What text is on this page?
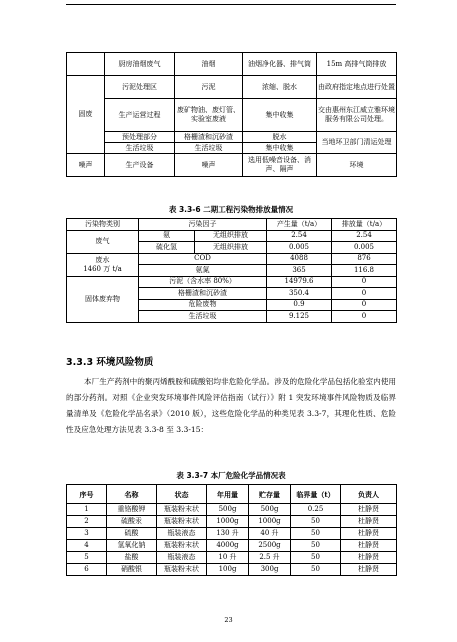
	厨房油烟废气	油烟	油烟净化器、排气筒	15m 高排气筒排放
固废	污泥处理区	污泥	浓缩、脱水	由政府指定地点进行处置
	生产运营过程	废矿物油、废灯管、实验室废液	集中收集	交由惠州东江威立雅环境服务有限公司处理。
	预处理部分	格栅渣和沉砂渣	脱水	当地环卫部门清运处理
	生活垃圾	生活垃圾	集中收集	
噪声	生产设备	噪声	选用低噪音设备、消声、隔声	环境
表 3.3-6 二期工程污染物排放量情况
污染物类别	污染因子		产生量（t/a）	排放量（t/a）
废气	氨	无组织排放	2.54	2.54
	硫化氢	无组织排放	0.005	0.005

废水
1460 万 t/a	COD		4088	876
	氨氮		365	116.8
固体废弃物	污泥（含水率 80%）		14979.6	0
	格栅渣和沉砂渣		350.4	0
	危险废物		0.9	0
	生活垃圾		9.125	0
3.3.3 环境风险物质
本厂生产药剂中的聚丙烯酰胺和硫酸铝均非危险化学品。涉及的危险化学品包括化验室内使用的部分药剂。对照《企业突发环境事件风险评估指南（试行）》附 1 突发环境事件风险物质及临界量清单及《危险化学品名录》（2010 版），这些危险化学品的种类见表 3.3-7，其理化性质、危险性及应急处理方法见表 3.3-8 至 3.3-15：
表 3.3-7 本厂危险化学品情况表
序号	名称	状态	年用量	贮存量	临界量（t）	负责人
1	重铬酸钾	瓶装粉末状	500g	500g	0.25	杜静贤
2	硫酸汞	瓶装粉末状	1000g	1000g	50	杜静贤
3	硫酸	瓶装液态	130 升	40 升	50	杜静贤
4	氢氧化钠	瓶装粉末状	4000g	2500g	50	杜静贤
5	盐酸	瓶装液态	10 升	2.5 升	50	杜静贤
6	硝酸银	瓶装粉末状	100g	300g	50	杜静贤
23
